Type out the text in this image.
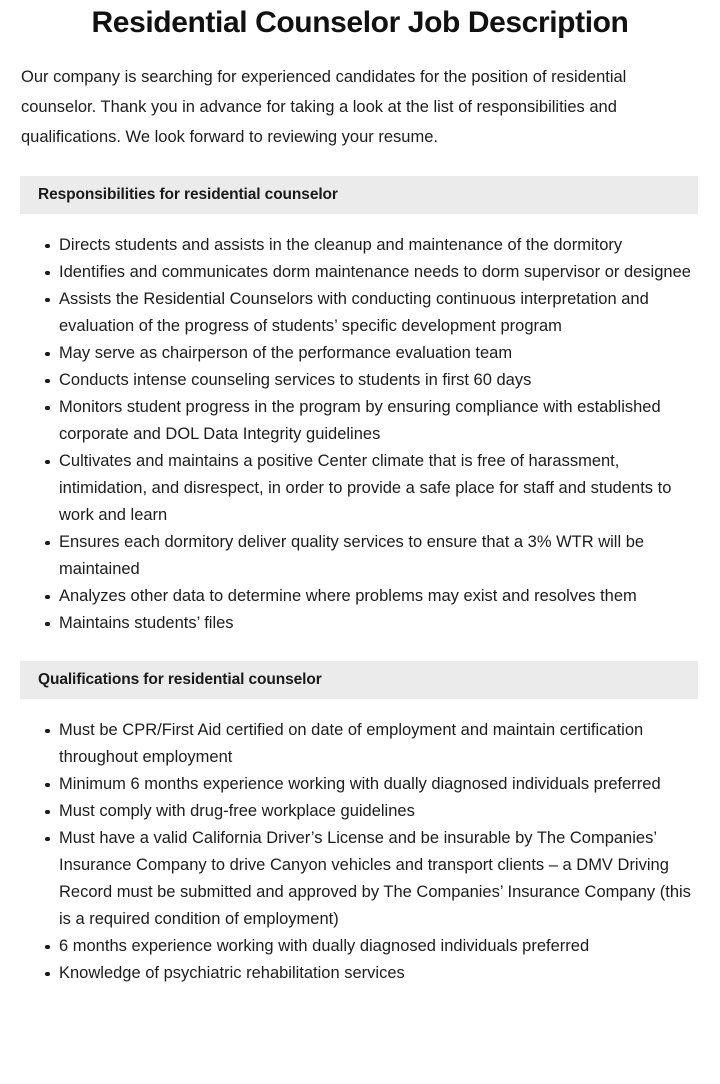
Residential Counselor Job Description

Our company is searching for experienced candidates for the position of residential counselor. Thank you in advance for taking a look at the list of responsibilities and qualifications. We look forward to reviewing your resume.

Responsibilities for residential counselor
Directs students and assists in the cleanup and maintenance of the dormitory
Identifies and communicates dorm maintenance needs to dorm supervisor or designee
Assists the Residential Counselors with conducting continuous interpretation and evaluation of the progress of students’ specific development program
May serve as chairperson of the performance evaluation team
Conducts intense counseling services to students in first 60 days
Monitors student progress in the program by ensuring compliance with established corporate and DOL Data Integrity guidelines
Cultivates and maintains a positive Center climate that is free of harassment, intimidation, and disrespect, in order to provide a safe place for staff and students to work and learn
Ensures each dormitory deliver quality services to ensure that a 3% WTR will be maintained
Analyzes other data to determine where problems may exist and resolves them
Maintains students’ files
Qualifications for residential counselor
Must be CPR/First Aid certified on date of employment and maintain certification throughout employment
Minimum 6 months experience working with dually diagnosed individuals preferred
Must comply with drug-free workplace guidelines
Must have a valid California Driver’s License and be insurable by The Companies’ Insurance Company to drive Canyon vehicles and transport clients – a DMV Driving Record must be submitted and approved by The Companies’ Insurance Company (this is a required condition of employment)
6 months experience working with dually diagnosed individuals preferred
Knowledge of psychiatric rehabilitation services
